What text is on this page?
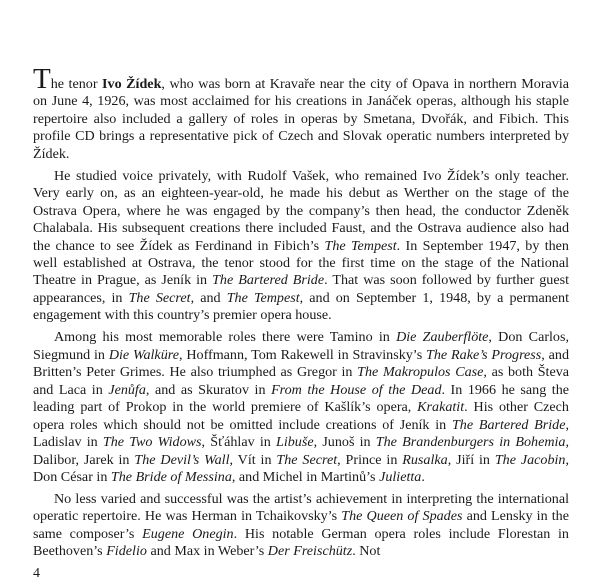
The tenor Ivo Žídek, who was born at Kravaře near the city of Opava in northern Moravia on June 4, 1926, was most acclaimed for his creations in Janáček operas, although his staple repertoire also included a gallery of roles in operas by Smetana, Dvořák, and Fibich. This profile CD brings a representative pick of Czech and Slovak operatic numbers interpreted by Žídek.

He studied voice privately, with Rudolf Vašek, who remained Ivo Žídek’s only teacher. Very early on, as an eighteen-year-old, he made his debut as Werther on the stage of the Ostrava Opera, where he was engaged by the company’s then head, the conductor Zdeněk Chalabala. His subsequent creations there included Faust, and the Ostrava audience also had the chance to see Žídek as Ferdinand in Fibich’s The Tempest. In September 1947, by then well established at Ostrava, the tenor stood for the first time on the stage of the National Theatre in Prague, as Jeník in The Bartered Bride. That was soon followed by further guest appearances, in The Secret, and The Tempest, and on September 1, 1948, by a permanent engagement with this country’s premier opera house.

Among his most memorable roles there were Tamino in Die Zauberflöte, Don Carlos, Siegmund in Die Walküre, Hoffmann, Tom Rakewell in Stravinsky’s The Rake’s Progress, and Britten’s Peter Grimes. He also triumphed as Gregor in The Makropulos Case, as both Števa and Laca in Jenůfa, and as Skuratov in From the House of the Dead. In 1966 he sang the leading part of Prokop in the world premiere of Kašlík’s opera, Krakatit. His other Czech opera roles which should not be omitted include creations of Jeník in The Bartered Bride, Ladislav in The Two Widows, Šťáhlav in Libuše, Junoš in The Brandenburgers in Bohemia, Dalibor, Jarek in The Devil’s Wall, Vít in The Secret, Prince in Rusalka, Jiří in The Jacobin, Don César in The Bride of Messina, and Michel in Martinů’s Julietta.

No less varied and successful was the artist’s achievement in interpreting the international operatic repertoire. He was Herman in Tchaikovsky’s The Queen of Spades and Lensky in the same composer’s Eugene Onegin. His notable German opera roles include Florestan in Beethoven’s Fidelio and Max in Weber’s Der Freischütz. Not

4
